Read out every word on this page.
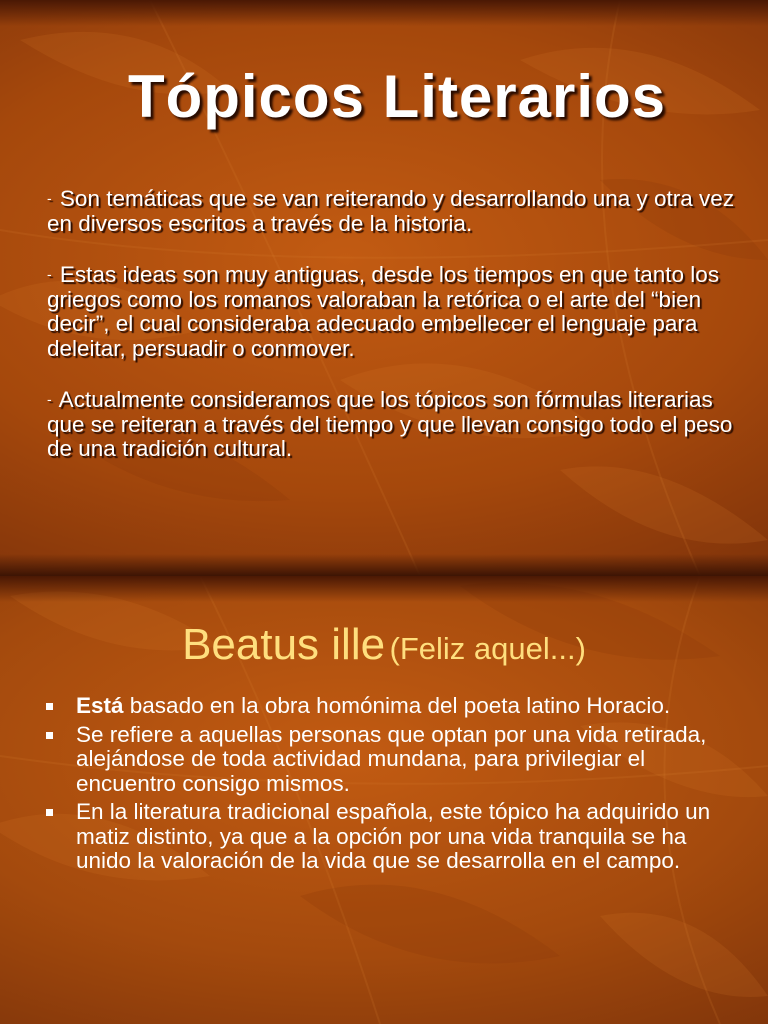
Tópicos Literarios

- Son temáticas que se van reiterando y desarrollando una y otra vez en diversos escritos a través de la historia.

- Estas ideas son muy antiguas, desde los tiempos en que tanto los griegos como los romanos valoraban la retórica o el arte del “bien decir”, el cual consideraba adecuado embellecer el lenguaje para deleitar, persuadir o conmover.

- Actualmente consideramos que los tópicos son fórmulas literarias que se reiteran a través del tiempo y que llevan consigo todo el peso de una tradición cultural.

Beatus ille (Feliz aquel...)
Está basado en la obra homónima del poeta latino Horacio.
Se refiere a aquellas personas que optan por una vida retirada, alejándose de toda actividad mundana, para privilegiar el encuentro consigo mismos.
En la literatura tradicional española, este tópico ha adquirido un matiz distinto, ya que a la opción por una vida tranquila se ha unido la valoración de la vida que se desarrolla en el campo.
